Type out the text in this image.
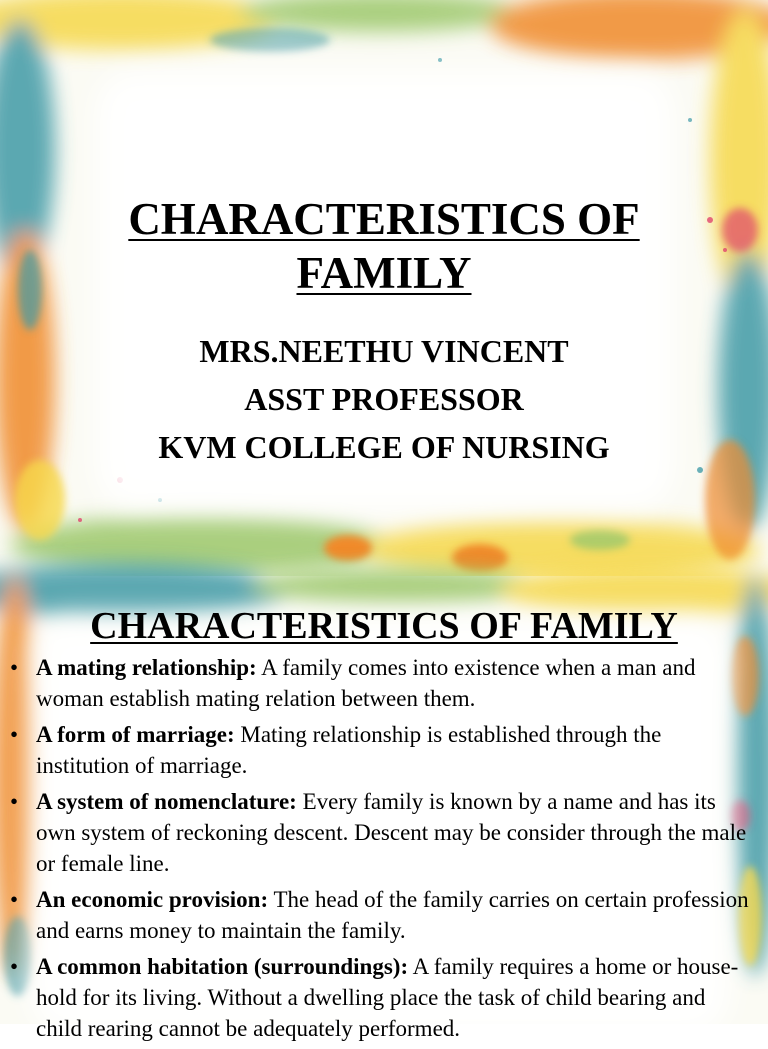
CHARACTERISTICS OF
FAMILY
MRS.NEETHU VINCENT
ASST PROFESSOR
KVM COLLEGE OF NURSING
CHARACTERISTICS OF FAMILY
• A mating relationship: A family comes into existence when a man and woman establish mating relation between them.
• A form of marriage: Mating relationship is established through the institution of marriage.
• A system of nomenclature: Every family is known by a name and has its own system of reckoning descent. Descent may be consider through the male or female line.
• An economic provision: The head of the family carries on certain profession and earns money to maintain the family.
• A common habitation (surroundings): A family requires a home or house-hold for its living. Without a dwelling place the task of child bearing and child rearing cannot be adequately performed.
